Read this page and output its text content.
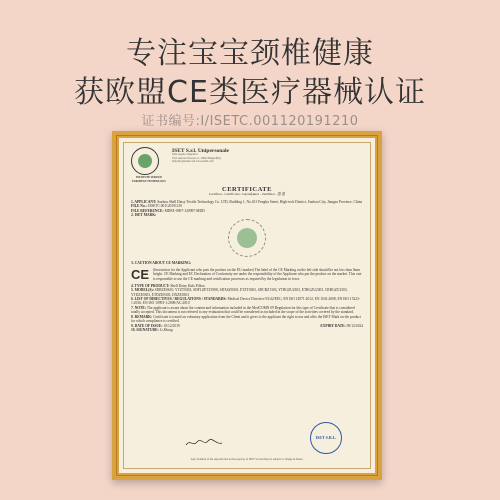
专注宝宝颈椎健康
获欧盟CE类医疗器械认证
证书编号:I/ISETC.001120191210
INSTITUTE SERVICE EUROPEAN TECHNOLOGY
ISET S.r.l. Unipersonale
Sede Legale e Operativa:
Via Conzorzi di Jacopo, 9 - 48022 Mugia (BA)
Italy info@isetsrl.com www.isetsrl.com
CERTIFICATE
Certificat - Certificado- Сертификат - Zertifikat - 證 書
1. APPLICANT: Suzhou Shell Daisy Textile Technology Co. LTD, Building 1, No.431 Fenghu Street, High-tech District, Suzhou City, Jiangsu Province, China
FILE No.: I/ISETC.001120191210
FILE REFERENCE: MDEE-0907-120097-MDD
2. ISET MARK:
3. CAUTION ABOUT CE MARKING:
CE (Instruction for the Applicant who puts the product on the EU market) The label of the CE Marking on the left side should be not less than 5mm height. CE Marking and EC Declaration of Conformity are under the responsibility of the Applicant who put the product on the market. This one is responsible to use the CE marking and certification processes as required by the legislation in force.
4. TYPE OF PRODUCT: Shell Daisy Kids Pillow
5. MODEL(S): SDRZE0610, YTZT0303, SDFLZETZ1908, SDXSZ0303, ETZT0303, SDCRZ1303, YTRGZU2303, ETRGZU2303, CRRGZU2303, YTDZE0303, ETDZE0303, DXZE0303
6. LIST OF DIRECTIVES / REGULATIONS / STANDARDS: Medical Device Directive 93/42/EEC; EN ISO 14971:2012, EN 1041:2008, EN ISO 15223-1:2016, EN ISO 10993-1:2009/AC:2010
7. NOTE: The applicant is aware about the content and information included in the MedCOMN 09 Regulation for this type of Certificate that is considered totally accepted. This document is not referred to any evaluation that could be considered as included in the scope of the activities covered by the standard.
8. REMARK: Certificate is issued on voluntary application from the Client and it gives to the applicant the right to use and affix the ISET Mark on the product for which compliance is certified.
9. DATE OF ISSUE: 10/12/2019	EXPIRY DATE: 09/12/2024
10. SIGNATURE: Li Zhang
ISET S.R.L.
Any violation of the reproduction is the property of ISET Srl and may be subject to change in future.
